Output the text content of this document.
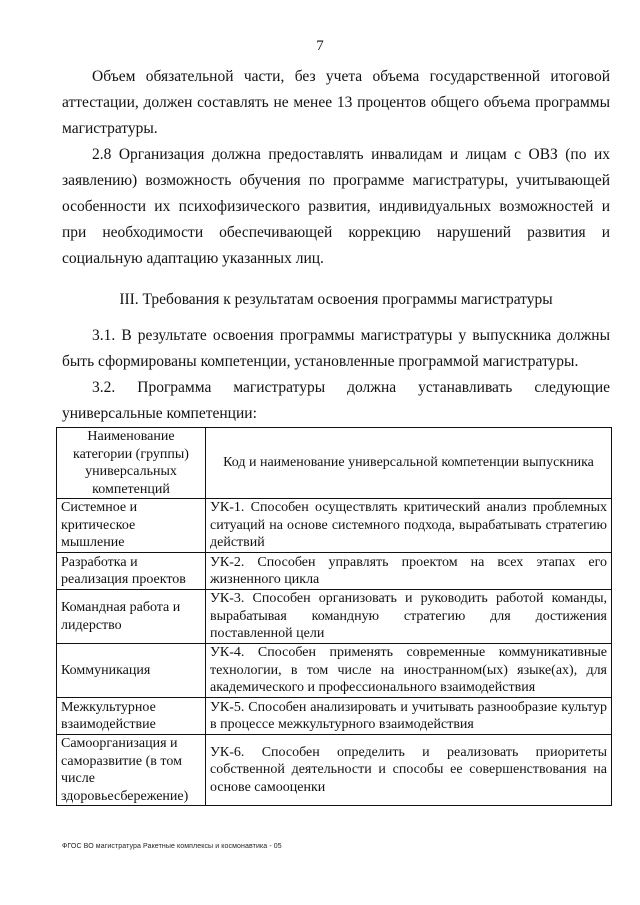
7

Объем обязательной части, без учета объема государственной итоговой аттестации, должен составлять не менее 13 процентов общего объема программы магистратуры.

2.8 Организация должна предоставлять инвалидам и лицам с ОВЗ (по их заявлению) возможность обучения по программе магистратуры, учитывающей особенности их психофизического развития, индивидуальных возможностей и при необходимости обеспечивающей коррекцию нарушений развития и социальную адаптацию указанных лиц.

III. Требования к результатам освоения программы магистратуры

3.1. В результате освоения программы магистратуры у выпускника должны быть сформированы компетенции, установленные программой магистратуры.

3.2. Программа магистратуры должна устанавливать следующие универсальные компетенции:

Наименование категории (группы) универсальных компетенций	Код и наименование универсальной компетенции выпускника
Системное и критическое мышление	УК-1. Способен осуществлять критический анализ проблемных ситуаций на основе системного подхода, вырабатывать стратегию действий
Разработка и реализация проектов	УК-2. Способен управлять проектом на всех этапах его жизненного цикла
Командная работа и лидерство	УК-3. Способен организовать и руководить работой команды, вырабатывая командную стратегию для достижения поставленной цели
Коммуникация	УК-4. Способен применять современные коммуникативные технологии, в том числе на иностранном(ых) языке(ах), для академического и профессионального взаимодействия
Межкультурное взаимодействие	УК-5. Способен анализировать и учитывать разнообразие культур в процессе межкультурного взаимодействия
Самоорганизация и саморазвитие (в том числе здоровьесбережение)	УК-6. Способен определить и реализовать приоритеты собственной деятельности и способы ее совершенствования на основе самооценки
ФГОС ВО магистратура Ракетные комплексы и космонавтика - 05
